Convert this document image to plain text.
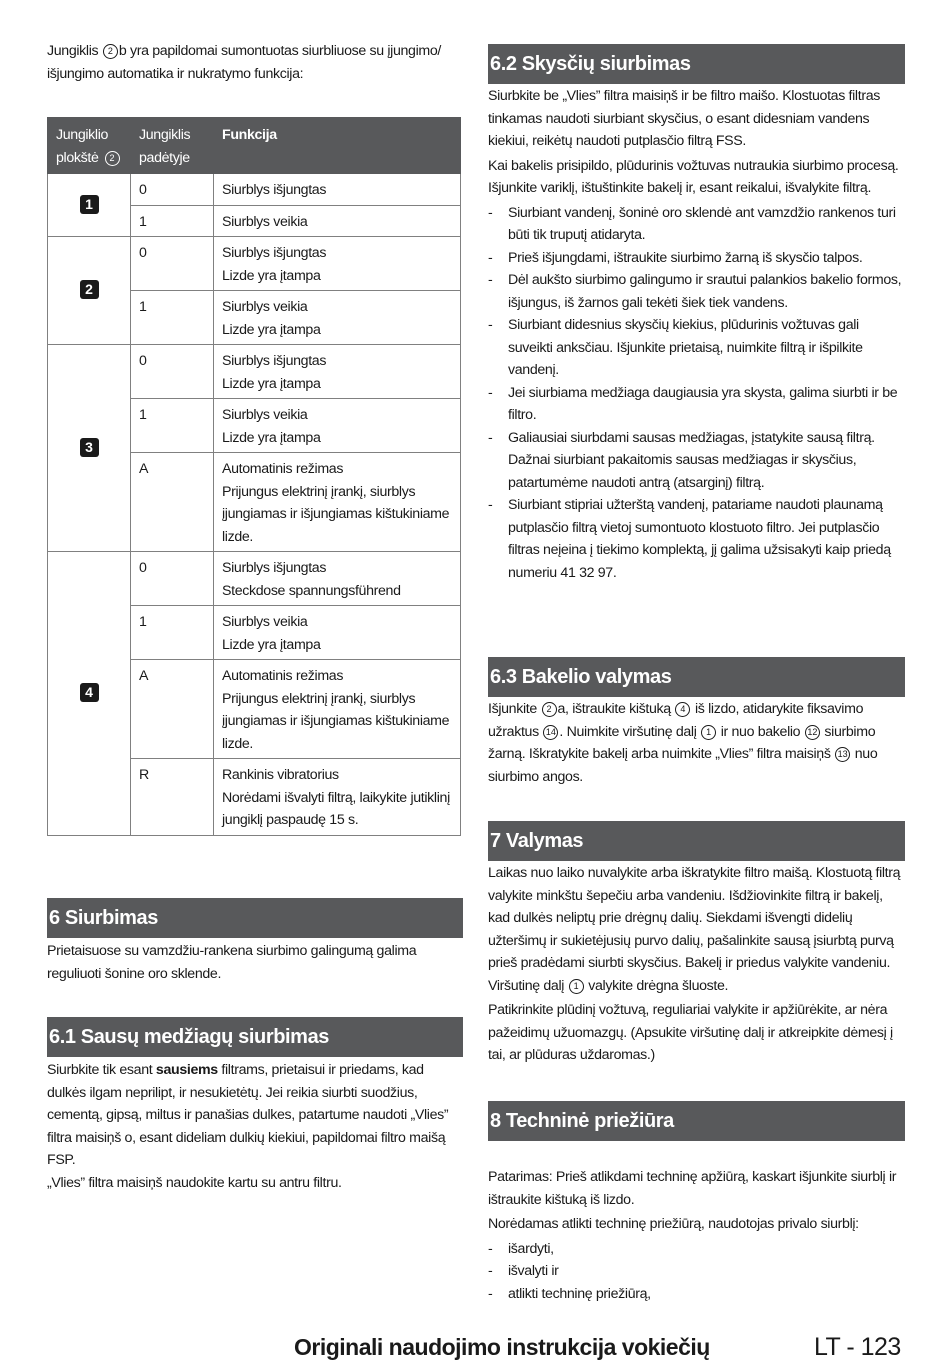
Jungiklis 2 b yra papildomai sumontuotas siurbliuose su įjungimo/ išjungimo automatika ir nukratymo funkcija:

Jungiklio plokštė 2	Jungiklis padėtyje	Funkcija
1	0	Siurblys išjungtas

	1	Siurblys veikia

2	0	Siurblys išjungtas
Lizde yra įtampa

	1	Siurblys veikia
Lizde yra įtampa

3	0	Siurblys išjungtas
Lizde yra įtampa

	1	Siurblys veikia
Lizde yra įtampa

	A	Automatinis režimas
Prijungus elektrinį įrankį, siurblys įjungiamas ir išjungiamas kištukiniame lizde.

4	0	Siurblys išjungtas
Steckdose spannungsführend

	1	Siurblys veikia
Lizde yra įtampa

	A	Automatinis režimas
Prijungus elektrinį įrankį, siurblys įjungiamas ir išjungiamas kištukiniame lizde.

	R	Rankinis vibratorius
Norėdami išvalyti filtrą, laikykite jutiklinį jungiklį paspaudę 15 s.
6 Siurbimas

Prietaisuose su vamzdžiu-rankena siurbimo galingumą galima reguliuoti šonine oro sklende.

6.1 Sausų medžiagų siurbimas

Siurbkite tik esant sausiems filtrams, prietaisui ir priedams, kad dulkės ilgam neprilipt, ir nesukietėtų. Jei reikia siurbti suodžius, cementą, gipsą, miltus ir panašias dulkes, patartume naudoti „Vlies” filtra maisiņš o, esant dideliam dulkių kiekiui, papildomai filtro maišą FSP.

„Vlies” filtra maisiņš naudokite kartu su antru filtru.

6.2 Skysčių siurbimas

Siurbkite be „Vlies” filtra maisiņš ir be filtro maišo. Klostuotas filtras tinkamas naudoti siurbiant skysčius, o esant didesniam vandens kiekiui, reikėtų naudoti putplasčio filtrą FSS.

Kai bakelis prisipildo, plūdurinis vožtuvas nutraukia siurbimo procesą. Išjunkite variklį, ištuštinkite bakelį ir, esant reikalui, išvalykite filtrą.

- Siurbiant vandenį, šoninė oro sklendė ant vamzdžio rankenos turi būti tik truputį atidaryta.
- Prieš išjungdami, ištraukite siurbimo žarną iš skysčio talpos.
- Dėl aukšto siurbimo galingumo ir srautui palankios bakelio formos, išjungus, iš žarnos gali tekėti šiek tiek vandens.
- Siurbiant didesnius skysčių kiekius, plūdurinis vožtuvas gali suveikti anksčiau. Išjunkite prietaisą, nuimkite filtrą ir išpilkite vandenį.
- Jei siurbiama medžiaga daugiausia yra skysta, galima siurbti ir be filtro.
- Galiausiai siurbdami sausas medžiagas, įstatykite sausą filtrą. Dažnai siurbiant pakaitomis sausas medžiagas ir skysčius, patartumėme naudoti antrą (atsarginį) filtrą.
- Siurbiant stipriai užterštą vandenį, patariame naudoti plaunamą putplasčio filtrą vietoj sumontuoto klostuoto filtro. Jei putplasčio filtras neįeina į tiekimo komplektą, jį galima užsisakyti kaip priedą numeriu 41 32 97.
6.3 Bakelio valymas

Išjunkite 2 a, ištraukite kištuką 4 iš lizdo, atidarykite fiksavimo užraktus 14 . Nuimkite viršutinę dalį 1 ir nuo bakelio 12 siurbimo žarną. Iškratykite bakelį arba nuimkite „Vlies” filtra maisiņš 13 nuo siurbimo angos.

7 Valymas

Laikas nuo laiko nuvalykite arba iškratykite filtro maišą. Klostuotą filtrą valykite minkštu šepečiu arba vandeniu. Išdžiovinkite filtrą ir bakelį, kad dulkės neliptų prie drėgnų dalių. Siekdami išvengti didelių užteršimų ir sukietėjusių purvo dalių, pašalinkite sausą įsiurbtą purvą prieš pradėdami siurbti skysčius. Bakelį ir priedus valykite vandeniu. Viršutinę dalį 1 valykite drėgna šluoste.

Patikrinkite plūdinį vožtuvą, reguliariai valykite ir apžiūrėkite, ar nėra pažeidimų užuomazgų. (Apsukite viršutinę dalį ir atkreipkite dėmesį į tai, ar plūduras uždaromas.)

8 Techninė priežiūra

Patarimas: Prieš atlikdami techninę apžiūrą, kaskart išjunkite siurblį ir ištraukite kištuką iš lizdo.

Norėdamas atlikti techninę priežiūrą, naudotojas privalo siurblį:

- išardyti,
- išvalyti ir
- atlikti techninę priežiūrą,
Originali naudojimo instrukcija vokiečių	LT - 123
